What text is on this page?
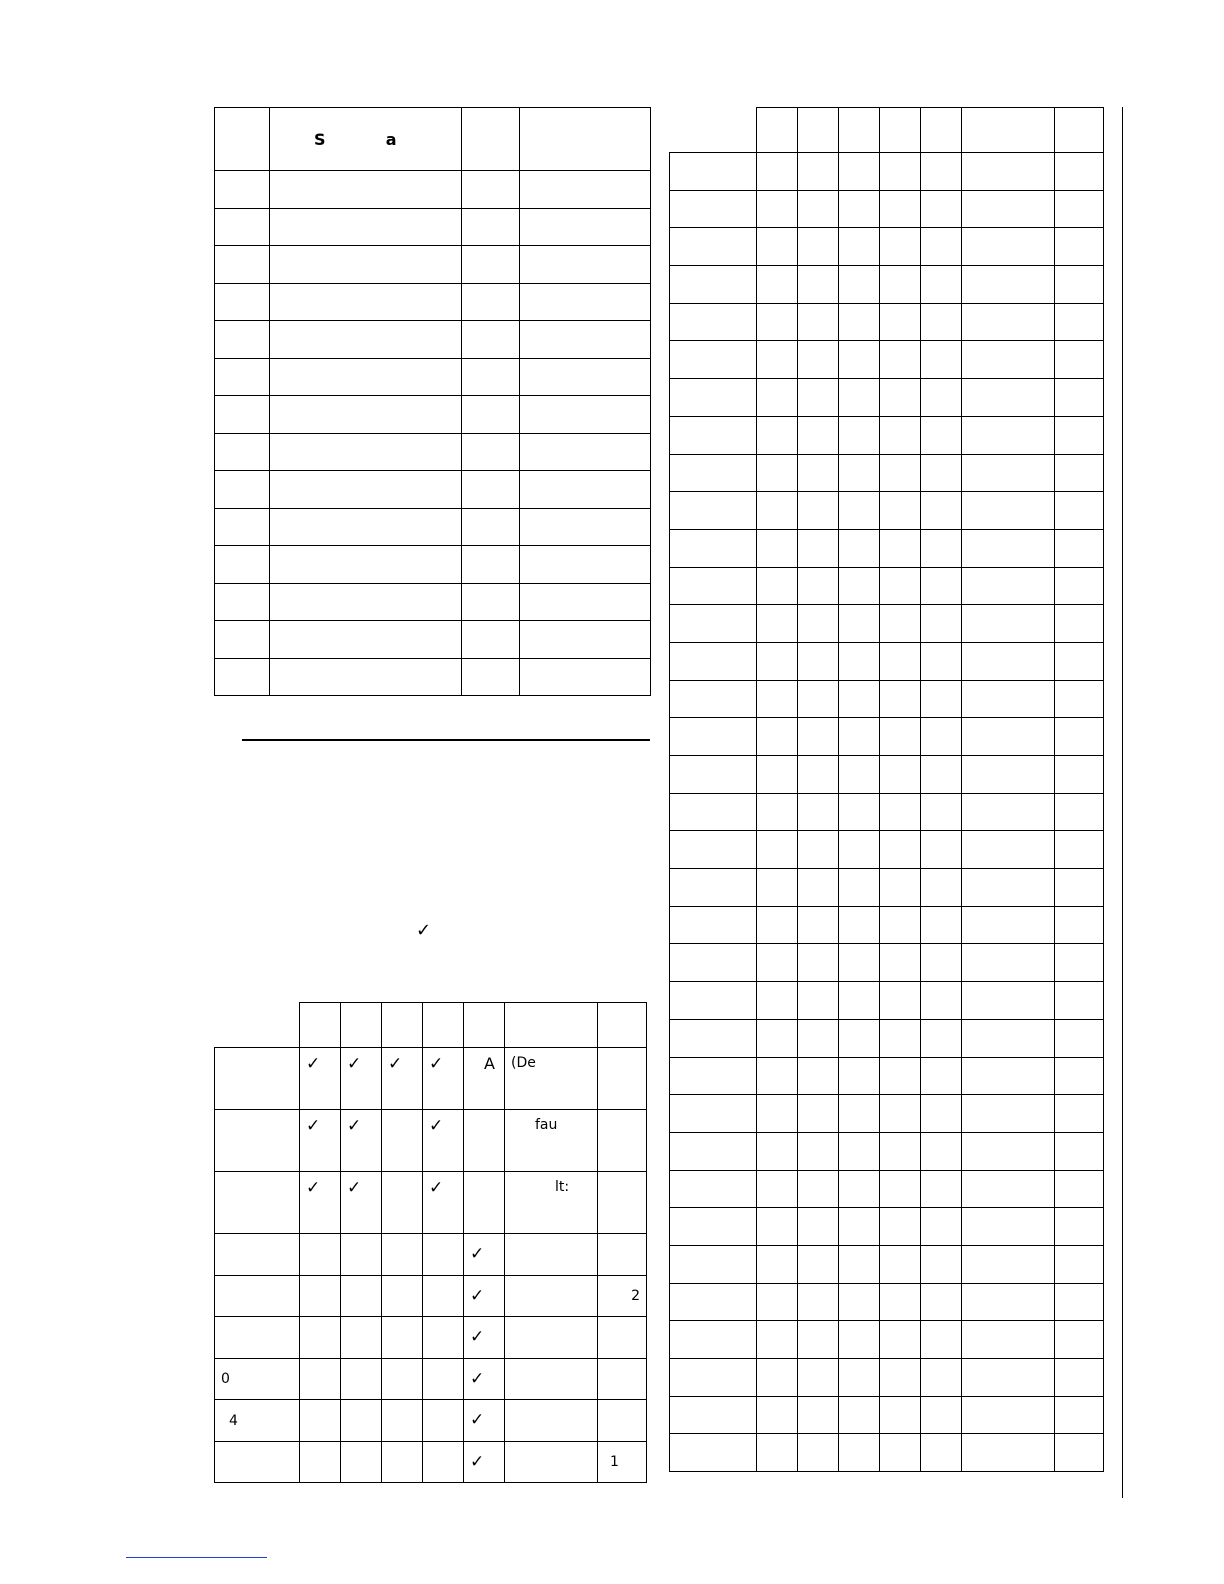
	S a		

✓

	✓	✓	✓	✓	A	(De	
	✓	✓		✓		fau	
	✓	✓		✓		lt:	
					✓		
					✓		2
					✓		
0					✓		
4					✓		
					✓		1
